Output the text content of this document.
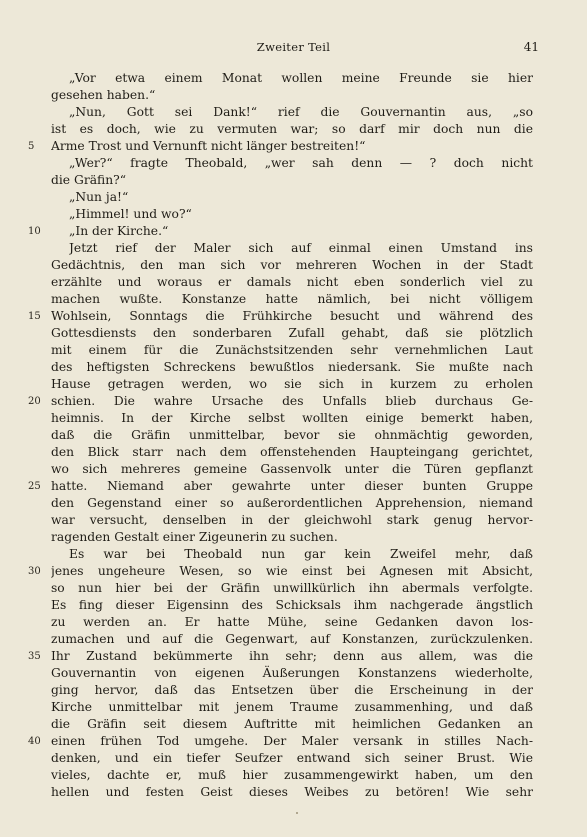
Zweiter Teil	41
„Vor etwa einem Monat wollen meine Freunde sie hier
gesehen haben.“
„Nun, Gott sei Dank!“ rief die Gouvernantin aus, „so
ist es doch, wie zu vermuten war; so darf mir doch nun die
Arme Trost und Vernunft nicht länger bestreiten!“
„Wer?“ fragte Theobald, „wer sah denn — ? doch nicht
die Gräfin?“
„Nun ja!“
„Himmel! und wo?“
„In der Kirche.“
Jetzt rief der Maler sich auf einmal einen Umstand ins
Gedächtnis, den man sich vor mehreren Wochen in der Stadt
erzählte und woraus er damals nicht eben sonderlich viel zu
machen wußte. Konstanze hatte nämlich, bei nicht völligem
Wohlsein, Sonntags die Frühkirche besucht und während des
Gottesdiensts den sonderbaren Zufall gehabt, daß sie plötzlich
mit einem für die Zunächstsitzenden sehr vernehmlichen Laut
des heftigsten Schreckens bewußtlos niedersank. Sie mußte nach
Hause getragen werden, wo sie sich in kurzem zu erholen
schien. Die wahre Ursache des Unfalls blieb durchaus Ge-
heimnis. In der Kirche selbst wollten einige bemerkt haben,
daß die Gräfin unmittelbar, bevor sie ohnmächtig geworden,
den Blick starr nach dem offenstehenden Haupteingang gerichtet,
wo sich mehreres gemeine Gassenvolk unter die Türen gepflanzt
hatte. Niemand aber gewahrte unter dieser bunten Gruppe
den Gegenstand einer so außerordentlichen Apprehension, niemand
war versucht, denselben in der gleichwohl stark genug hervor-
ragenden Gestalt einer Zigeunerin zu suchen.
Es war bei Theobald nun gar kein Zweifel mehr, daß
jenes ungeheure Wesen, so wie einst bei Agnesen mit Absicht,
so nun hier bei der Gräfin unwillkürlich ihn abermals verfolgte.
Es fing dieser Eigensinn des Schicksals ihm nachgerade ängstlich
zu werden an. Er hatte Mühe, seine Gedanken davon los-
zumachen und auf die Gegenwart, auf Konstanzen, zurückzulenken.
Ihr Zustand bekümmerte ihn sehr; denn aus allem, was die
Gouvernantin von eigenen Äußerungen Konstanzens wiederholte,
ging hervor, daß das Entsetzen über die Erscheinung in der
Kirche unmittelbar mit jenem Traume zusammenhing, und daß
die Gräfin seit diesem Auftritte mit heimlichen Gedanken an
einen frühen Tod umgehe. Der Maler versank in stilles Nach-
denken, und ein tiefer Seufzer entwand sich seiner Brust. Wie
vieles, dachte er, muß hier zusammengewirkt haben, um den
hellen und festen Geist dieses Weibes zu betören! Wie sehr
5
10
15
20
25
30
35
40
